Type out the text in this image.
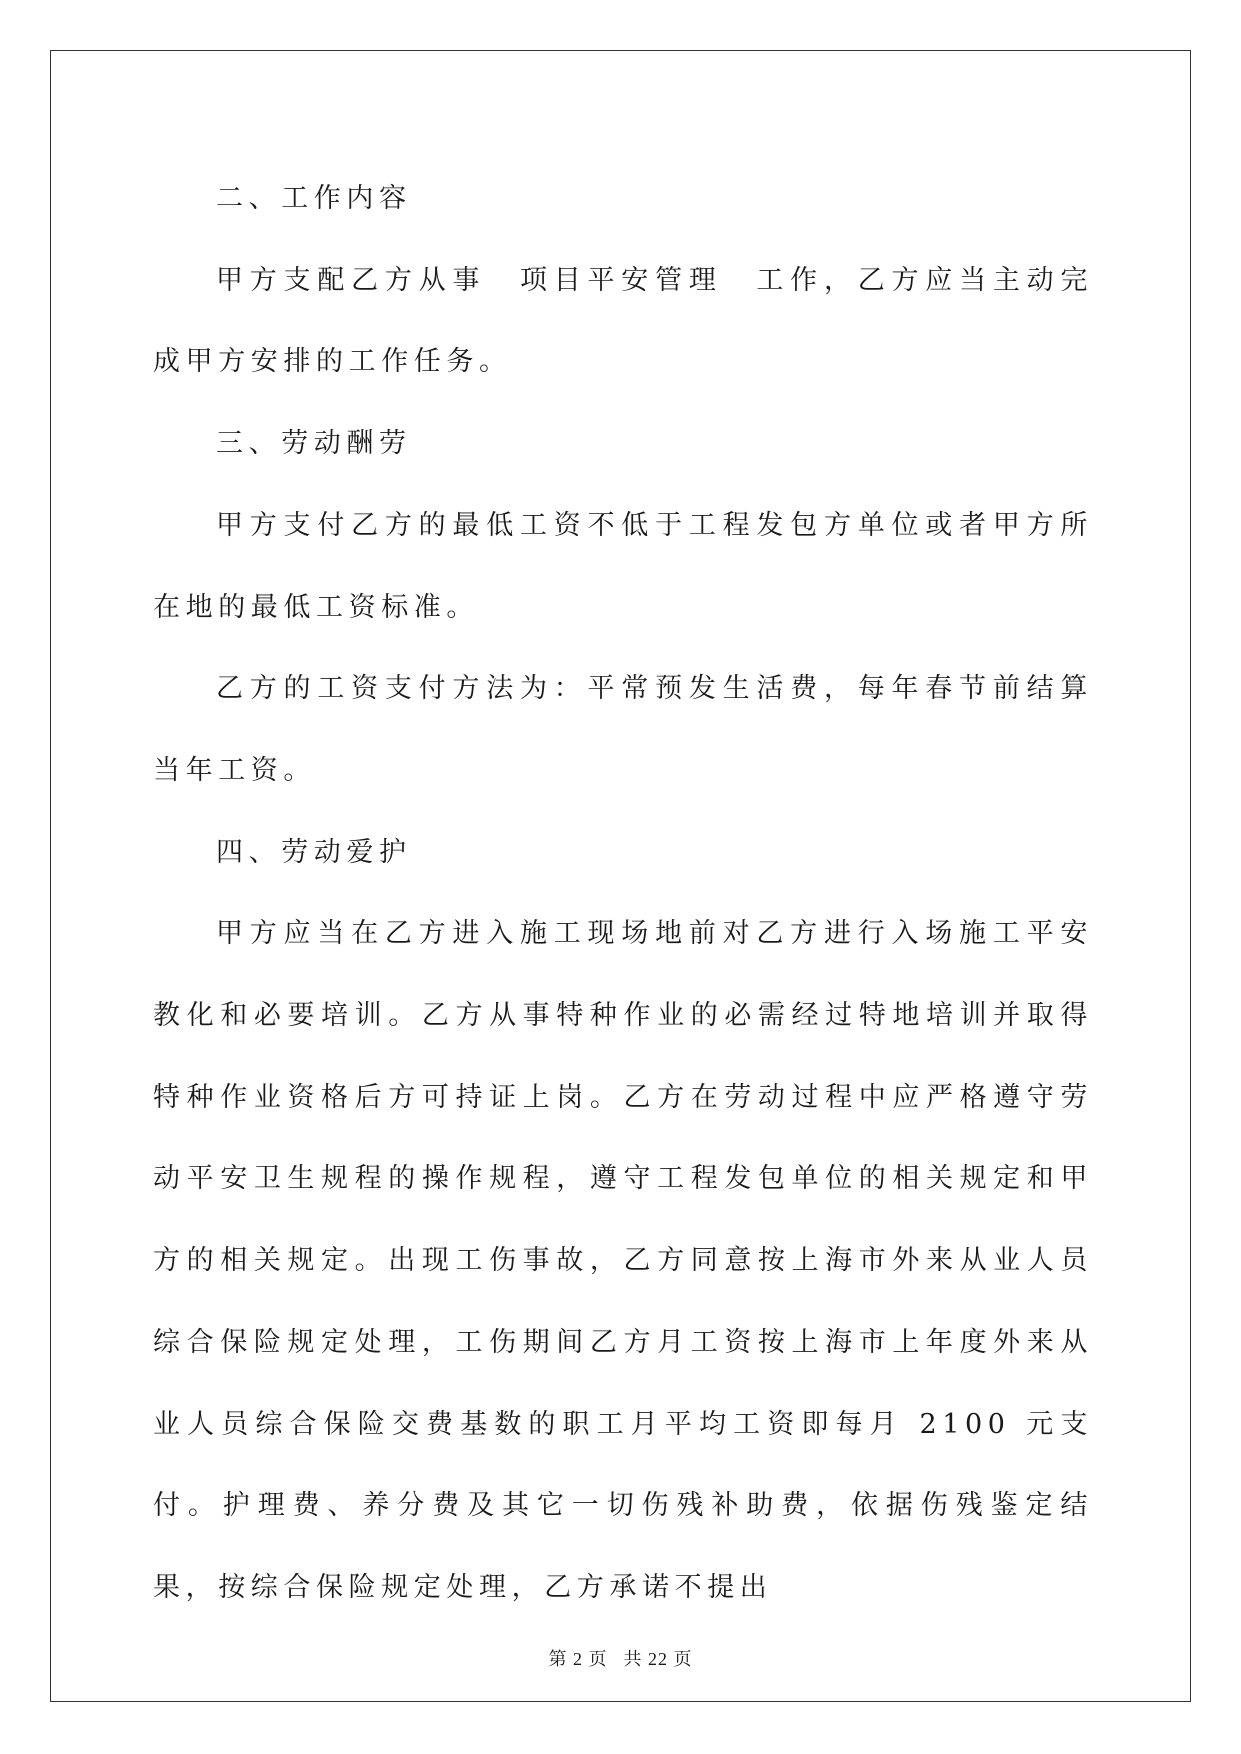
二、工作内容

甲方支配乙方从事　项目平安管理　工作，乙方应当主动完成甲方安排的工作任务。

三、劳动酬劳

甲方支付乙方的最低工资不低于工程发包方单位或者甲方所在地的最低工资标准。

乙方的工资支付方法为：平常预发生活费，每年春节前结算当年工资。

四、劳动爱护

甲方应当在乙方进入施工现场地前对乙方进行入场施工平安教化和必要培训。乙方从事特种作业的必需经过特地培训并取得特种作业资格后方可持证上岗。乙方在劳动过程中应严格遵守劳动平安卫生规程的操作规程，遵守工程发包单位的相关规定和甲方的相关规定。出现工伤事故，乙方同意按上海市外来从业人员综合保险规定处理，工伤期间乙方月工资按上海市上年度外来从业人员综合保险交费基数的职工月平均工资即每月 2100 元支付。护理费、养分费及其它一切伤残补助费，依据伤残鉴定结果，按综合保险规定处理，乙方承诺不提出

第 2 页 共 22 页
